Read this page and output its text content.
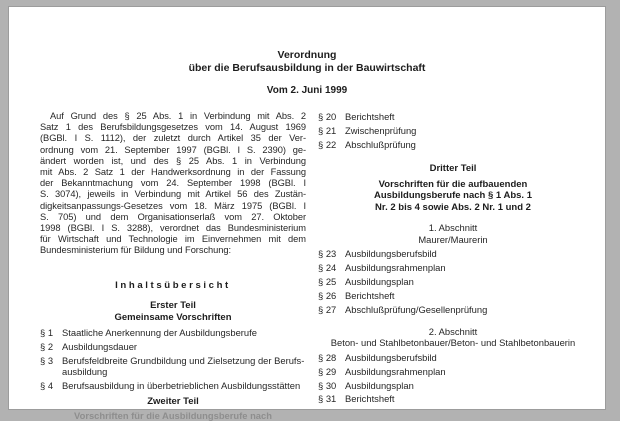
Verordnung
über die Berufsausbildung in der Bauwirtschaft
Vom 2. Juni 1999
Auf Grund des § 25 Abs. 1 in Verbindung mit Abs. 2
Satz 1 des Berufsbildungsgesetzes vom 14. August 1969
(BGBl. I S. 1112), der zuletzt durch Artikel 35 der Ver-
ordnung vom 21. September 1997 (BGBl. I S. 2390) ge-
ändert worden ist, und des § 25 Abs. 1 in Verbindung
mit Abs. 2 Satz 1 der Handwerksordnung in der Fassung
der Bekanntmachung vom 24. September 1998 (BGBl. I
S. 3074), jeweils in Verbindung mit Artikel 56 des Zustän-
digkeitsanpassungs-Gesetzes vom 18. März 1975 (BGBl. I
S. 705) und dem Organisationserlaß vom 27. Oktober
1998 (BGBl. I S. 3288), verordnet das Bundesministerium
für Wirtschaft und Technologie im Einvernehmen mit dem
Bundesministerium für Bildung und Forschung:
Inhaltsübersicht
Erster Teil
Gemeinsame Vorschriften
§ 1 Staatliche Anerkennung der Ausbildungsberufe
§ 2 Ausbildungsdauer
§ 3 Berufsfeldbreite Grundbildung und Zielsetzung der Berufsausbildung
§ 4 Berufsausbildung in überbetrieblichen Ausbildungsstätten
Zweiter Teil
Vorschriften für die Ausbildungsberufe nach
§ 20 Berichtsheft
§ 21 Zwischenprüfung
§ 22 Abschlußprüfung
Dritter Teil
Vorschriften für die aufbauenden
Ausbildungsberufe nach § 1 Abs. 1
Nr. 2 bis 4 sowie Abs. 2 Nr. 1 und 2
1. Abschnitt
Maurer/Maurerin
§ 23 Ausbildungsberufsbild
§ 24 Ausbildungsrahmenplan
§ 25 Ausbildungsplan
§ 26 Berichtsheft
§ 27 Abschlußprüfung/Gesellenprüfung
2. Abschnitt
Beton- und Stahlbetonbauer/Beton- und Stahlbetonbauerin
§ 28 Ausbildungsberufsbild
§ 29 Ausbildungsrahmenplan
§ 30 Ausbildungsplan
§ 31 Berichtsheft
